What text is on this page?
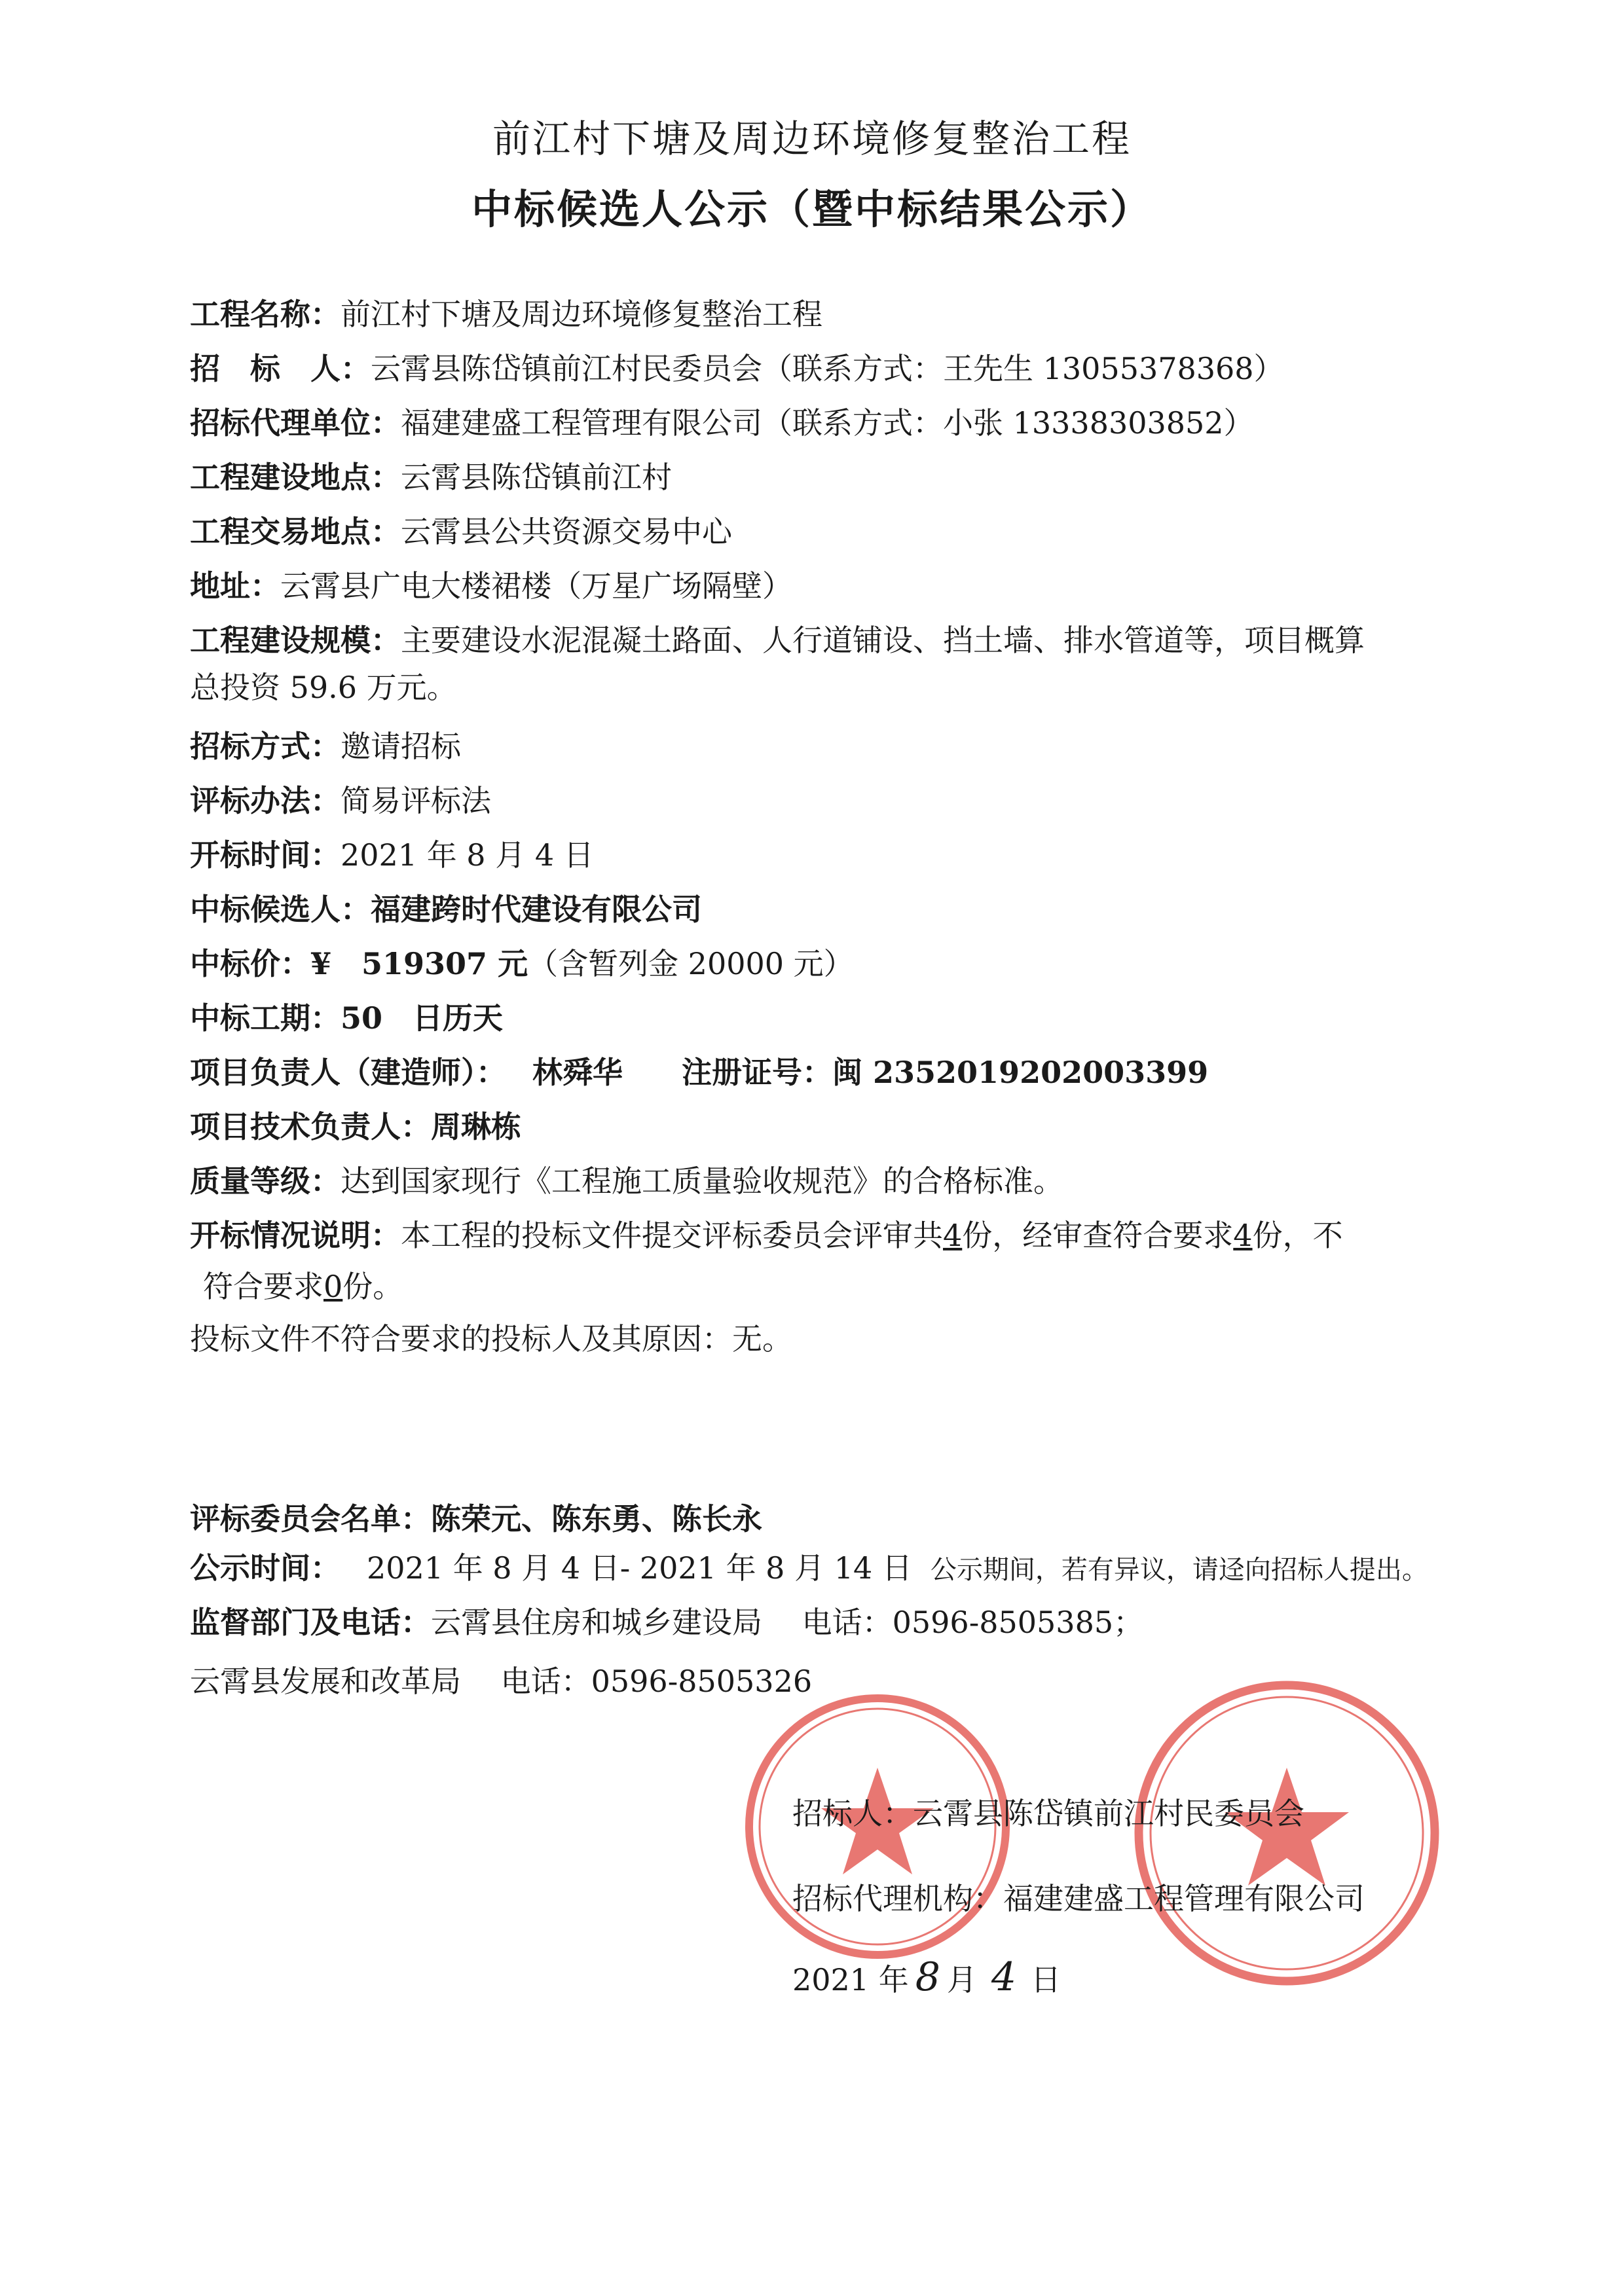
前江村下塘及周边环境修复整治工程
中标候选人公示（暨中标结果公示）
工程名称：前江村下塘及周边环境修复整治工程
招　标　人：云霄县陈岱镇前江村民委员会（联系方式：王先生 13055378368）
招标代理单位：福建建盛工程管理有限公司（联系方式：小张 13338303852）
工程建设地点：云霄县陈岱镇前江村
工程交易地点：云霄县公共资源交易中心
地址：云霄县广电大楼裙楼（万星广场隔壁）
工程建设规模：主要建设水泥混凝土路面、人行道铺设、挡土墙、排水管道等，项目概算
总投资 59.6 万元。
招标方式：邀请招标
评标办法：简易评标法
开标时间：2021 年 8 月 4 日
中标候选人：福建跨时代建设有限公司
中标价：¥　519307 元（含暂列金 20000 元）
中标工期：50　日历天
项目负责人（建造师）： 林舜华 注册证号：闽 2352019202003399
项目技术负责人：周琳栋
质量等级：达到国家现行《工程施工质量验收规范》的合格标准。
开标情况说明：本工程的投标文件提交评标委员会评审共4份，经审查符合要求4份，不
符合要求0份。
投标文件不符合要求的投标人及其原因：无。
评标委员会名单：陈荣元、陈东勇、陈长永
公示时间： 2021 年 8 月 4 日- 2021 年 8 月 14 日 公示期间，若有异议，请迳向招标人提出。
监督部门及电话：云霄县住房和城乡建设局　 电话：0596-8505385；
云霄县发展和改革局　 电话：0596-8505326
招标人：云霄县陈岱镇前江村民委员会
招标代理机构：福建建盛工程管理有限公司
2021 年 8 月 4 日
